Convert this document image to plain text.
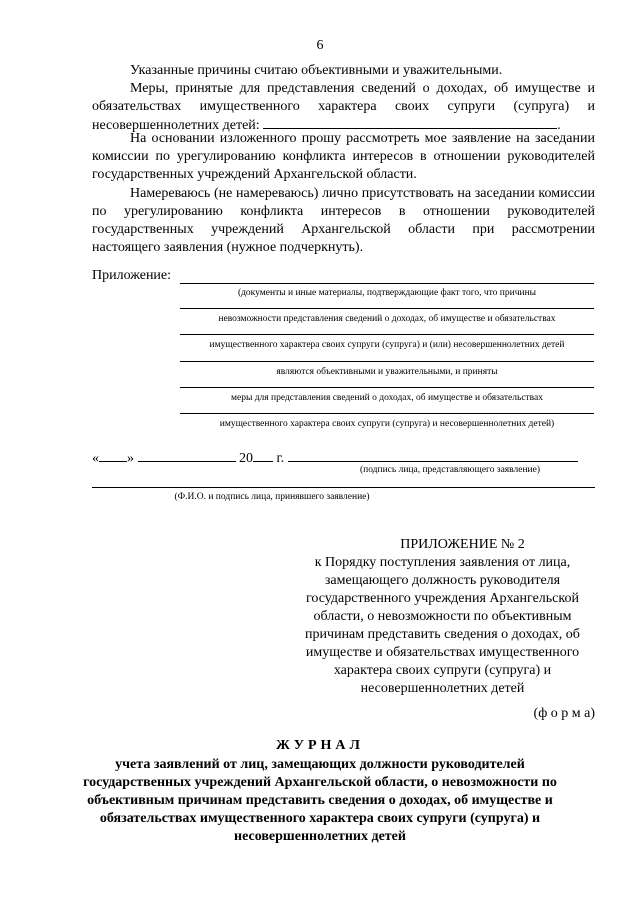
6
Указанные причины считаю объективными и уважительными.
Меры, принятые для представления сведений о доходах, об имуществе и обязательствах имущественного характера своих супруги (супруга) и несовершеннолетних детей:	.
На основании изложенного прошу рассмотреть мое заявление на заседании комиссии по урегулированию конфликта интересов в отношении руководителей государственных учреждений Архангельской области.
Намереваюсь (не намереваюсь) лично присутствовать на заседании комиссии по урегулированию конфликта интересов в отношении руководителей государственных учреждений Архангельской области при рассмотрении настоящего заявления (нужное подчеркнуть).
Приложение:
(документы и иные материалы, подтверждающие факт того, что причины
невозможности представления сведений о доходах, об имуществе и обязательствах
имущественного характера своих супруги (супруга) и (или) несовершеннолетних детей
являются объективными и уважительными, и приняты
меры для представления сведений о доходах, об имуществе и обязательствах
имущественного характера своих супруги (супруга) и несовершеннолетних детей)
« »	20 г.
(подпись лица, представляющего заявление)
(Ф.И.О. и подпись лица, принявшего заявление)
ПРИЛОЖЕНИЕ № 2
к Порядку поступления заявления от лица, замещающего должность руководителя государственного учреждения Архангельской области, о невозможности по объективным причинам представить сведения о доходах, об имуществе и обязательствах имущественного характера своих супруги (супруга) и несовершеннолетних детей
(ф о р м а)
ЖУРНАЛ
учета заявлений от лиц, замещающих должности руководителей государственных учреждений Архангельской области, о невозможности по объективным причинам представить сведения о доходах, об имуществе и обязательствах имущественного характера своих супруги (супруга) и несовершеннолетних детей
